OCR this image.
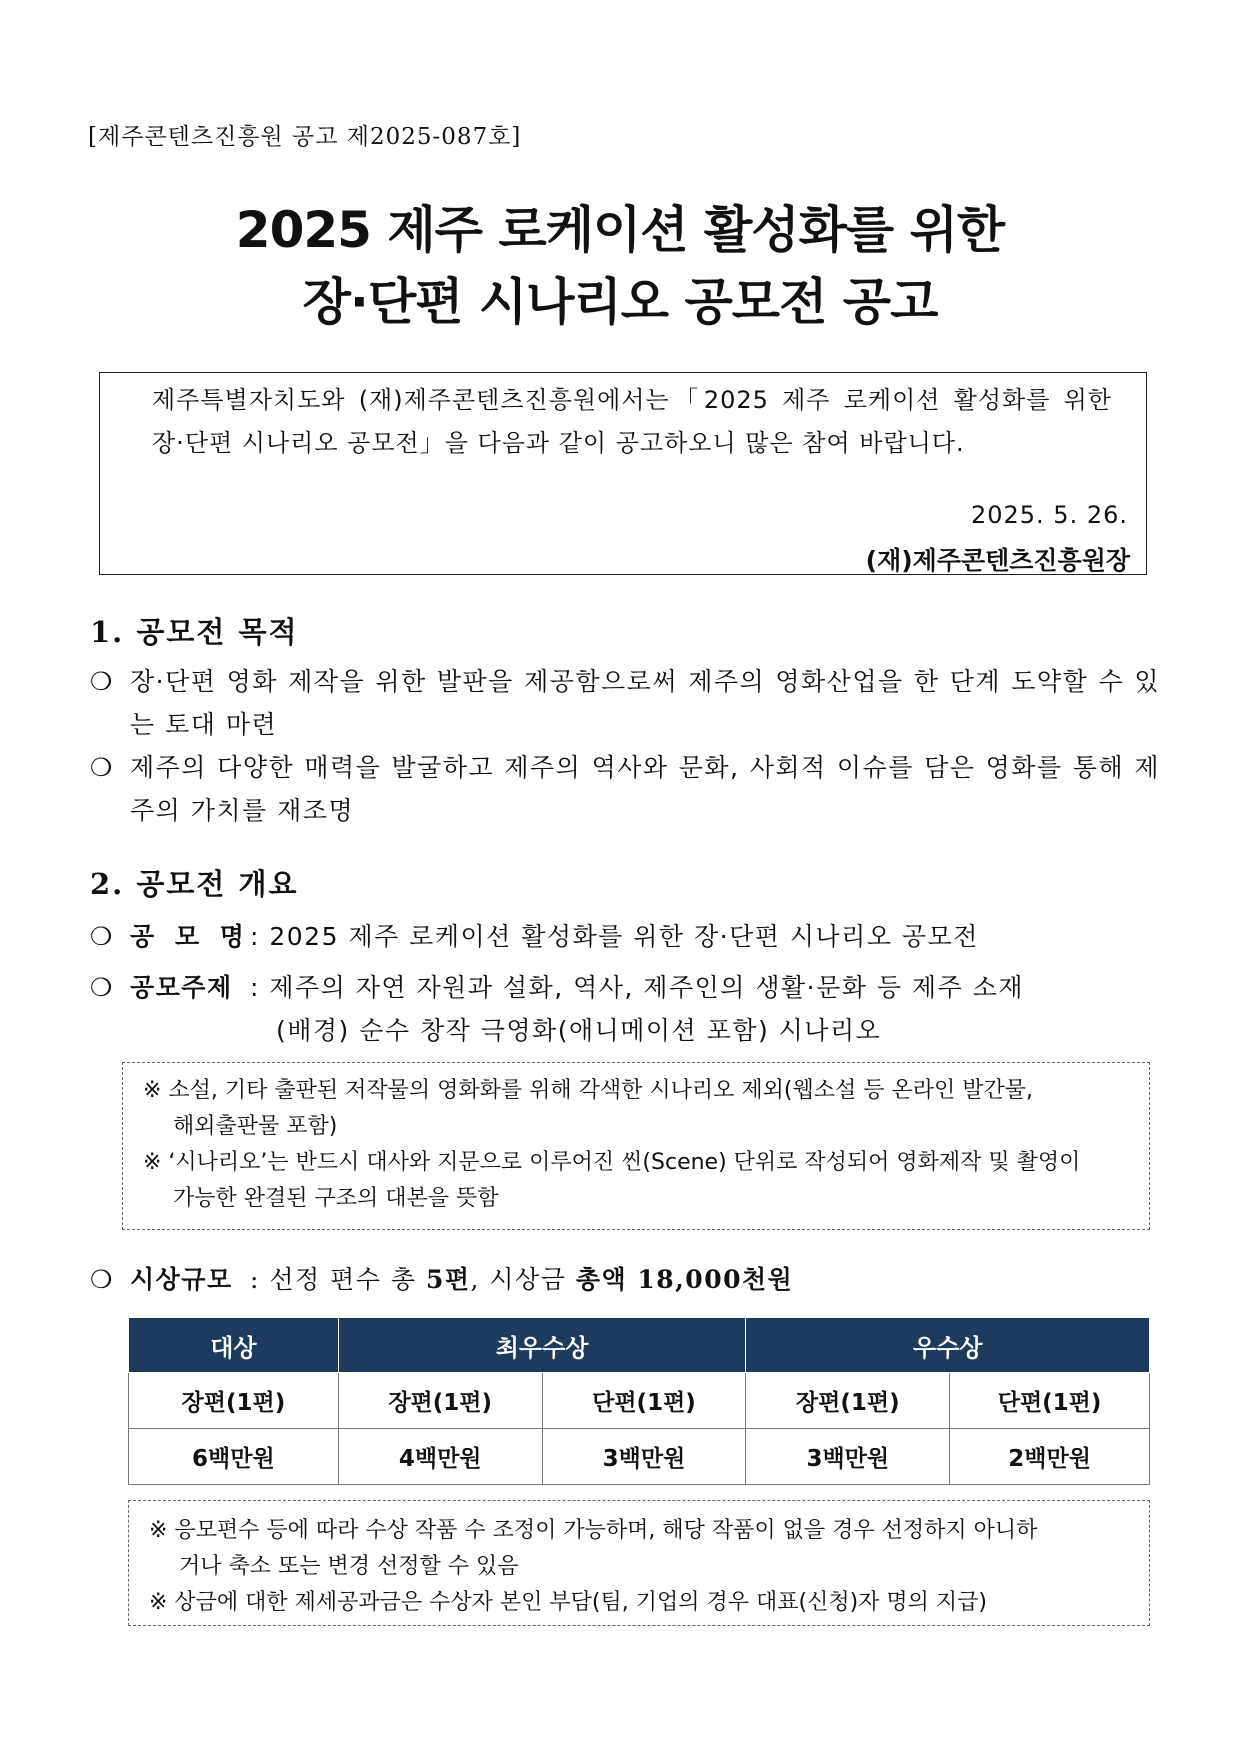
[제주콘텐츠진흥원 공고 제2025-087호]
2025 제주 로케이션 활성화를 위한
장·단편 시나리오 공모전 공고
제주특별자치도와 (재)제주콘텐츠진흥원에서는「2025 제주 로케이션 활성화를 위한 장·단편 시나리오 공모전」을 다음과 같이 공고하오니 많은 참여 바랍니다.
2025. 5. 26.
(재)제주콘텐츠진흥원장
1. 공모전 목적
❍ 장·단편 영화 제작을 위한 발판을 제공함으로써 제주의 영화산업을 한 단계 도약할 수 있는 토대 마련
❍ 제주의 다양한 매력을 발굴하고 제주의 역사와 문화, 사회적 이슈를 담은 영화를 통해 제주의 가치를 재조명
2. 공모전 개요
❍ 공 모 명 : 2025 제주 로케이션 활성화를 위한 장·단편 시나리오 공모전
❍ 공모주제 : 제주의 자연 자원과 설화, 역사, 제주인의 생활·문화 등 제주 소재
(배경) 순수 창작 극영화(애니메이션 포함) 시나리오
※ 소설, 기타 출판된 저작물의 영화화를 위해 각색한 시나리오 제외(웹소설 등 온라인 발간물,
해외출판물 포함)
※ ‘시나리오’는 반드시 대사와 지문으로 이루어진 씬(Scene) 단위로 작성되어 영화제작 및 촬영이
가능한 완결된 구조의 대본을 뜻함
❍ 시상규모 : 선정 편수 총 5편, 시상금 총액 18,000천원
대상	최우수상		우수상	
장편(1편)	장편(1편)	단편(1편)	장편(1편)	단편(1편)
6백만원	4백만원	3백만원	3백만원	2백만원
※ 응모편수 등에 따라 수상 작품 수 조정이 가능하며, 해당 작품이 없을 경우 선정하지 아니하
거나 축소 또는 변경 선정할 수 있음
※ 상금에 대한 제세공과금은 수상자 본인 부담(팀, 기업의 경우 대표(신청)자 명의 지급)
